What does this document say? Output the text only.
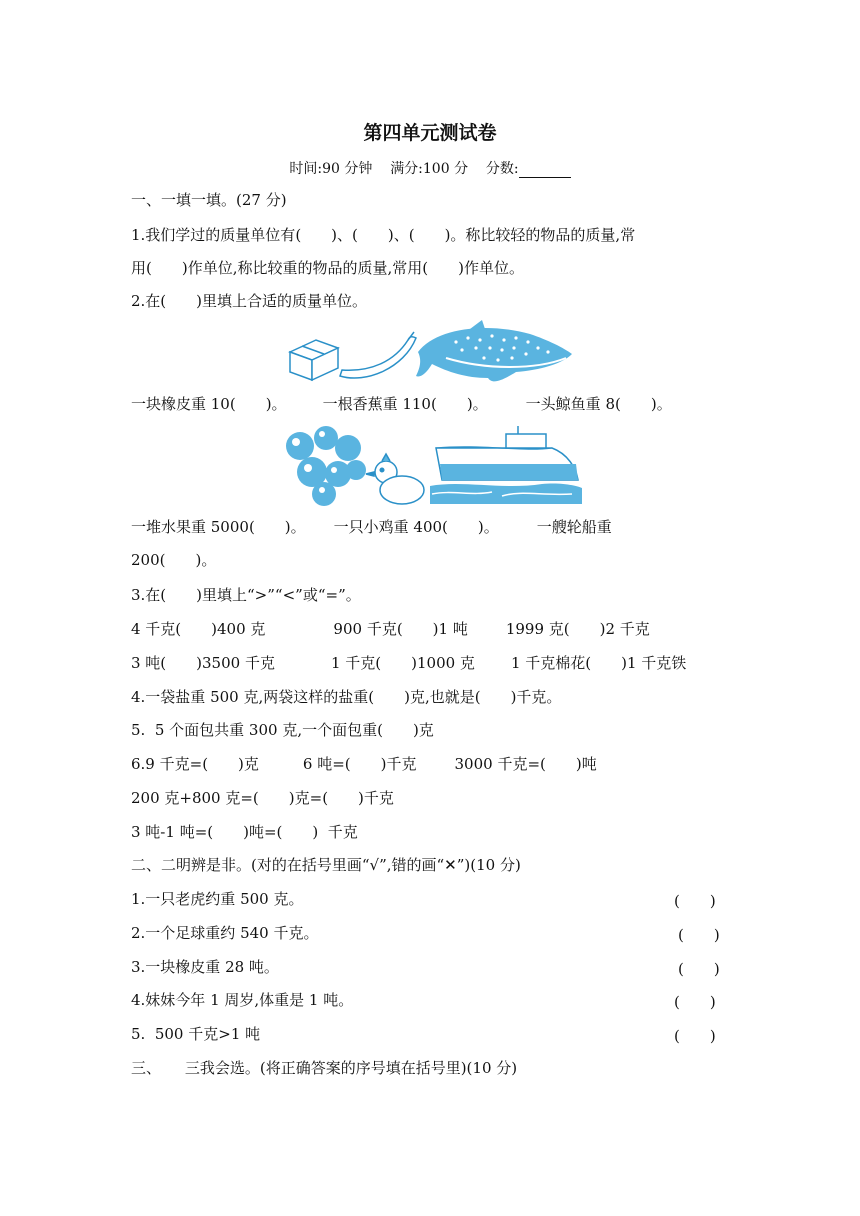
第四单元测试卷
时间:90 分钟 满分:100 分 分数:
一、一填一填。(27 分)
1.我们学过的质量单位有(　　)、(　　)、(　　)。称比较轻的物品的质量,常
用(　　)作单位,称比较重的物品的质量,常用(　　)作单位。
2.在(　　)里填上合适的质量单位。
一块橡皮重 10(　　)。 一根香蕉重 110(　　)。	一头鲸鱼重 8(　　)。
一堆水果重 5000(　　)。 一只小鸡重 400(　　)。	一艘轮船重
200(　　)。
3.在(　　)里填上“>”“<”或“=”。
4 千克(　　)400 克	900 千克(　　)1 吨	1999 克(　　)2 千克
3 吨(　　)3500 千克	1 千克(　　)1000 克 1 千克棉花(　　)1 千克铁
4.一袋盐重 500 克,两袋这样的盐重(　　)克,也就是(　　)千克。
5.  5 个面包共重 300 克,一个面包重(　　)克
6.9 千克=(　　)克	6 吨=(　　)千克	3000 千克=(　　)吨
200 克+800 克=(　　)克=(　　)千克
3 吨-1 吨=(　　)吨=(　　)  千克
二、二明辨是非。(对的在括号里画“√”,错的画“✕”)(10 分)
1.一只老虎约重 500 克。	(　　)
2.一个足球重约 540 千克。	(　　)
3.一块橡皮重 28 吨。	(　　)
4.妹妹今年 1 周岁,体重是 1 吨。	(　　)
5.  500 千克>1 吨	(　　)
三、     三我会选。(将正确答案的序号填在括号里)(10 分)
